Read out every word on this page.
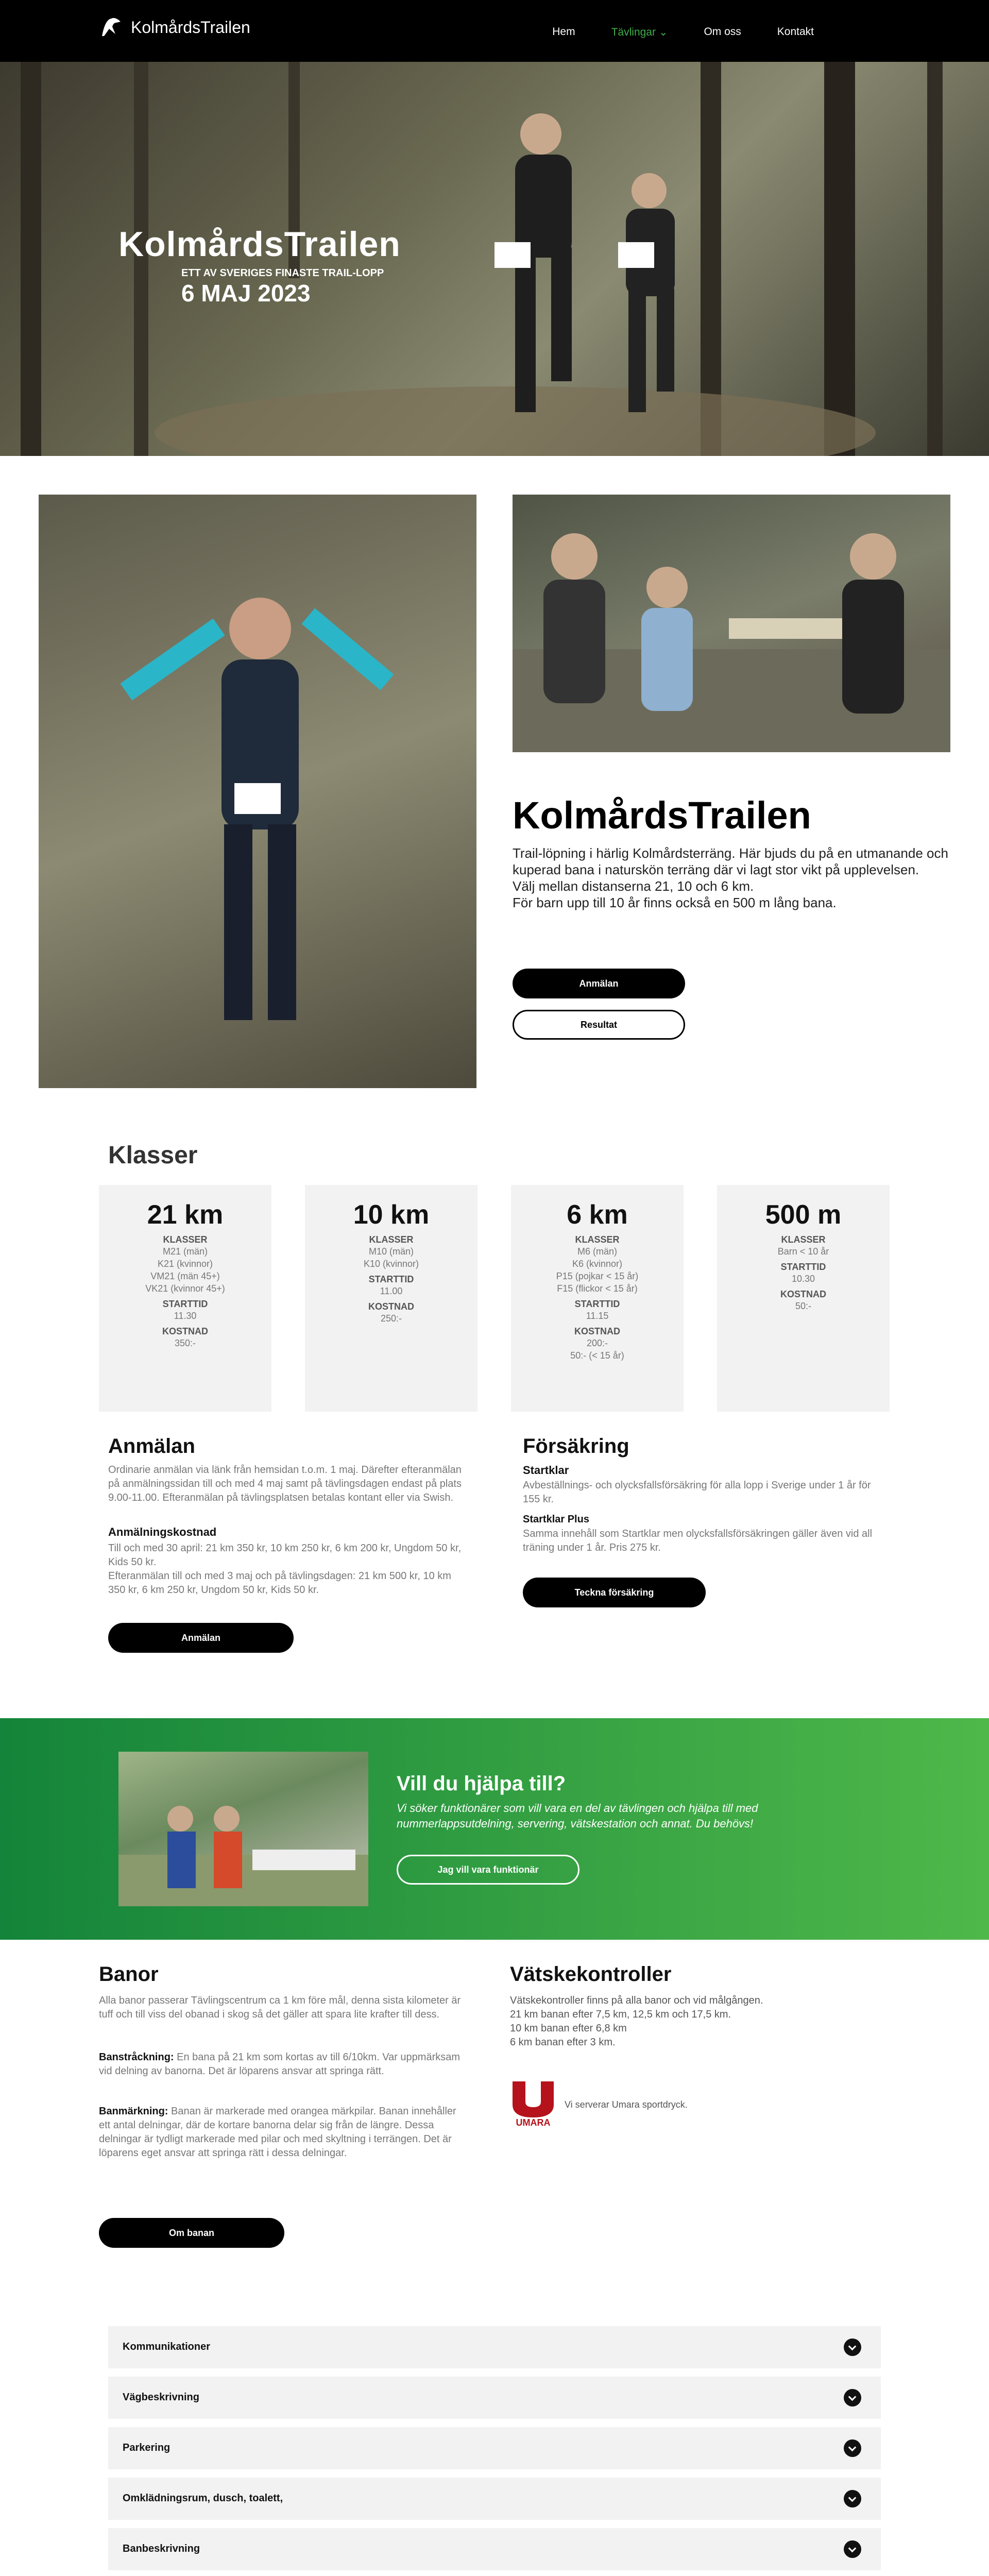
KolmårdsTrailen	Hem	Tävlingar ⌄	Om oss	Kontakt
KolmårdsTrailen
ETT AV SVERIGES FINASTE TRAIL-LOPP
6 MAJ 2023
KolmårdsTrailen
Trail-löpning i härlig Kolmårdsterräng. Här bjuds du på en utmanande och kuperad bana i naturskön terräng där vi lagt stor vikt på upplevelsen.
Välj mellan distanserna 21, 10 och 6 km.
För barn upp till 10 år finns också en 500 m lång bana.
Anmälan
Resultat
Klasser
21 km
KLASSER
M21 (män)
K21 (kvinnor)
VM21 (män 45+)
VK21 (kvinnor 45+)
STARTTID
11.30
KOSTNAD
350:-
10 km
KLASSER
M10 (män)
K10 (kvinnor)
STARTTID
11.00
KOSTNAD
250:-
6 km
KLASSER
M6 (män)
K6 (kvinnor)
P15 (pojkar < 15 år)
F15 (flickor < 15 år)
STARTTID
11.15
KOSTNAD
200:-
50:- (< 15 år)
500 m
KLASSER
Barn < 10 år
STARTTID
10.30
KOSTNAD
50:-
Anmälan
Ordinarie anmälan via länk från hemsidan t.o.m. 1 maj. Därefter efteranmälan på anmälningssidan till och med 4 maj samt på tävlingsdagen endast på plats 9.00-11.00. Efteranmälan på tävlingsplatsen betalas kontant eller via Swish.
Anmälningskostnad
Till och med 30 april: 21 km 350 kr, 10 km 250 kr, 6 km 200 kr, Ungdom 50 kr, Kids 50 kr.
Efteranmälan till och med 3 maj och på tävlingsdagen: 21 km 500 kr, 10 km 350 kr, 6 km 250 kr, Ungdom 50 kr, Kids 50 kr.
Anmälan
Försäkring
Startklar
Avbeställnings- och olycksfallsförsäkring för alla lopp i Sverige under 1 år för 155 kr.
Startklar Plus
Samma innehåll som Startklar men olycksfallsförsäkringen gäller även vid all träning under 1 år. Pris 275 kr.
Teckna försäkring
Vill du hjälpa till?
Vi söker funktionärer som vill vara en del av tävlingen och hjälpa till med nummerlappsutdelning, servering, vätskestation och annat. Du behövs!
Jag vill vara funktionär
Banor
Alla banor passerar Tävlingscentrum ca 1 km före mål, denna sista kilometer är tuff och till viss del obanad i skog så det gäller att spara lite krafter till dess.
Banstråckning: En bana på 21 km som kortas av till 6/10km. Var uppmärksam vid delning av banorna. Det är löparens ansvar att springa rätt.
Banmärkning: Banan är markerade med orangea märkpilar. Banan innehåller ett antal delningar, där de kortare banorna delar sig från de längre. Dessa delningar är tydligt markerade med pilar och med skyltning i terrängen. Det är löparens eget ansvar att springa rätt i dessa delningar.
Om banan
Vätskekontroller
Vätskekontroller finns på alla banor och vid målgången.
21 km banan efter 7,5 km, 12,5 km och 17,5 km.
10 km banan efter 6,8 km
6 km banan efter 3 km.
UMARA
Vi serverar Umara sportdryck.
Kommunikationer
Vägbeskrivning
Parkering
Omklädningsrum, dusch, toalett,
Banbeskrivning
